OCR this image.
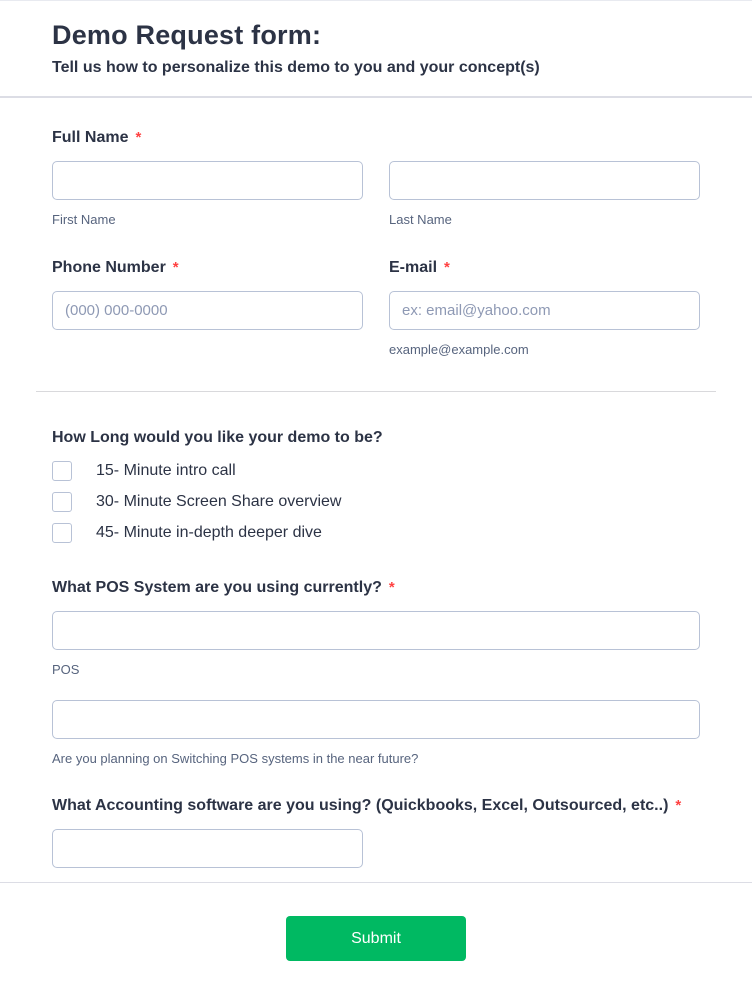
Demo Request form:

Tell us how to personalize this demo to you and your concept(s)

Full Name *
First Name	Last Name
Phone Number *
(000) 000-0000	E-mail *
ex: email@yahoo.com
example@example.com
How Long would you like your demo to be?
15- Minute intro call
30- Minute Screen Share overview
45- Minute in-depth deeper dive
What POS System are you using currently? *
POS
Are you planning on Switching POS systems in the near future?
What Accounting software are you using? (Quickbooks, Excel, Outsourced, etc..) *
Submit
